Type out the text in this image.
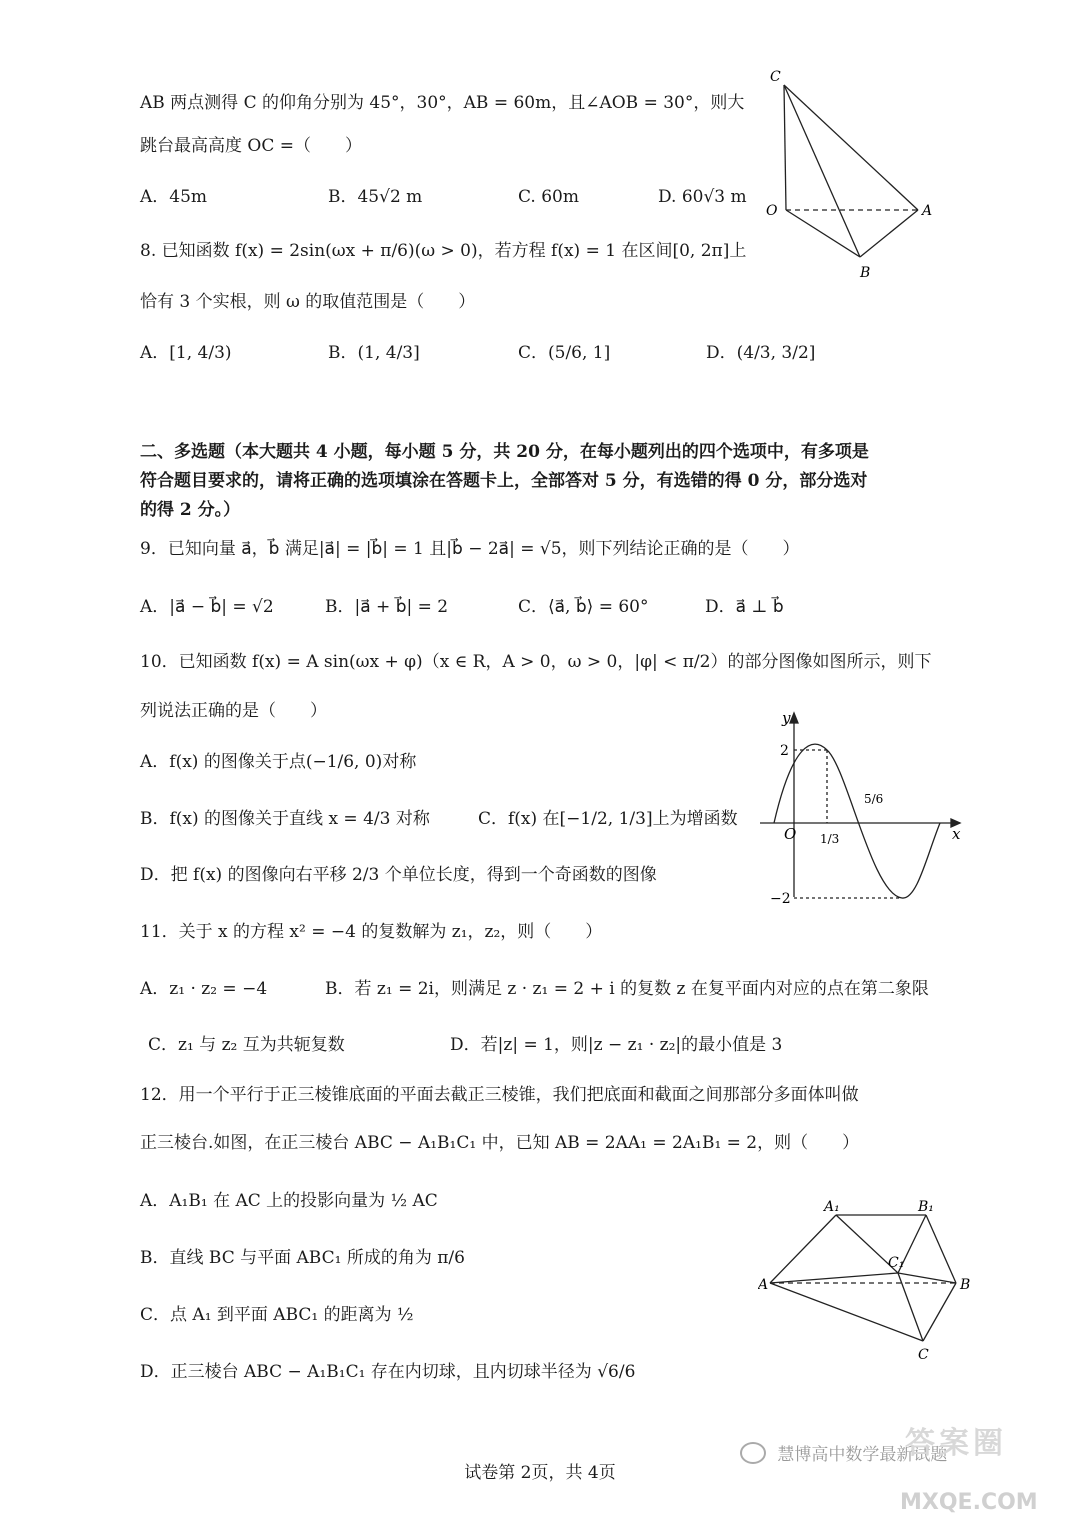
AB 两点测得 C 的仰角分别为 45°，30°，AB = 60m，且∠AOB = 30°，则大
跳台最高高度 OC =（　　）
A．45m	B．45√2 m	C. 60m	D. 60√3 m
C
O	A
B
8. 已知函数 f(x) = 2sin(ωx + π/6)(ω > 0)，若方程 f(x) = 1 在区间[0, 2π]上
恰有 3 个实根，则 ω 的取值范围是（　　）
A．[1, 4/3)	B．(1, 4/3]	C．(5/6, 1]	D．(4/3, 3/2]
二、多选题（本大题共 4 小题，每小题 5 分，共 20 分，在每小题列出的四个选项中，有多项是
符合题目要求的，请将正确的选项填涂在答题卡上，全部答对 5 分，有选错的得 0 分，部分选对
的得 2 分。）
9．已知向量 a⃗，b⃗ 满足|a⃗| = |b⃗| = 1 且|b⃗ − 2a⃗| = √5，则下列结论正确的是（　　）
A．|a⃗ − b⃗| = √2	B．|a⃗ + b⃗| = 2	C．⟨a⃗, b⃗⟩ = 60°	D．a⃗ ⊥ b⃗
10．已知函数 f(x) = A sin(ωx + φ)（x ∈ R，A > 0，ω > 0，|φ| < π/2）的部分图像如图所示，则下
列说法正确的是（　　）
A．f(x) 的图像关于点(−1/6, 0)对称
B．f(x) 的图像关于直线 x = 4/3 对称	C．f(x) 在[−1/2, 1/3]上为增函数
D．把 f(x) 的图像向右平移 2/3 个单位长度，得到一个奇函数的图像
y
x
O
2
−2
1/3
5/6
11．关于 x 的方程 x² = −4 的复数解为 z₁，z₂，则（　　）
A．z₁ · z₂ = −4	B．若 z₁ = 2i，则满足 z · z₁ = 2 + i 的复数 z 在复平面内对应的点在第二象限
C．z₁ 与 z₂ 互为共轭复数	D．若|z| = 1，则|z − z₁ · z₂|的最小值是 3
12．用一个平行于正三棱锥底面的平面去截正三棱锥，我们把底面和截面之间那部分多面体叫做
正三棱台.如图，在正三棱台 ABC − A₁B₁C₁ 中，已知 AB = 2AA₁ = 2A₁B₁ = 2，则（　　）
A．A₁B₁ 在 AC 上的投影向量为 ½ AC
B．直线 BC 与平面 ABC₁ 所成的角为 π/6
C．点 A₁ 到平面 ABC₁ 的距离为 ½
D．正三棱台 ABC − A₁B₁C₁ 存在内切球，且内切球半径为 √6/6
A₁	B₁
C₁
A	B
C
试卷第 2页，共 4页
慧博高中数学最新试题
答案圈
MXQE.COM
